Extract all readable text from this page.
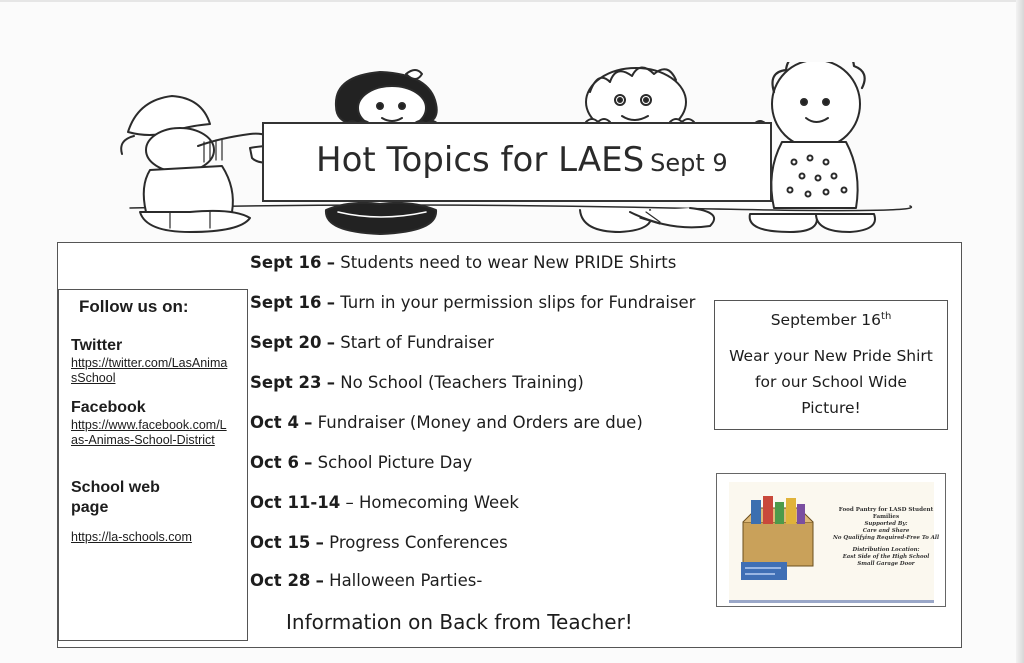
Hot Topics for LAES Sept 9
Follow us on:
Twitter
https://twitter.com/LasAnimasSchool
Facebook
https://www.facebook.com/Las-Animas-School-District
School web
page
https://la-schools.com
Sept 16 – Students need to wear New PRIDE Shirts
Sept 16 – Turn in your permission slips for Fundraiser
Sept 20 – Start of Fundraiser
Sept 23 – No School (Teachers Training)
Oct 4 – Fundraiser (Money and Orders are due)
Oct 6 – School Picture Day
Oct 11-14 – Homecoming Week
Oct 15 – Progress Conferences
Oct 28 – Halloween Parties-
Information on Back from Teacher!
September 16th
Wear your New Pride Shirt
for our School Wide
Picture!
Food Pantry for LASD Student Families
Supported By:
Care and Share
No Qualifying Required-Free To All
Distribution Location:
East Side of the High School
Small Garage Door
